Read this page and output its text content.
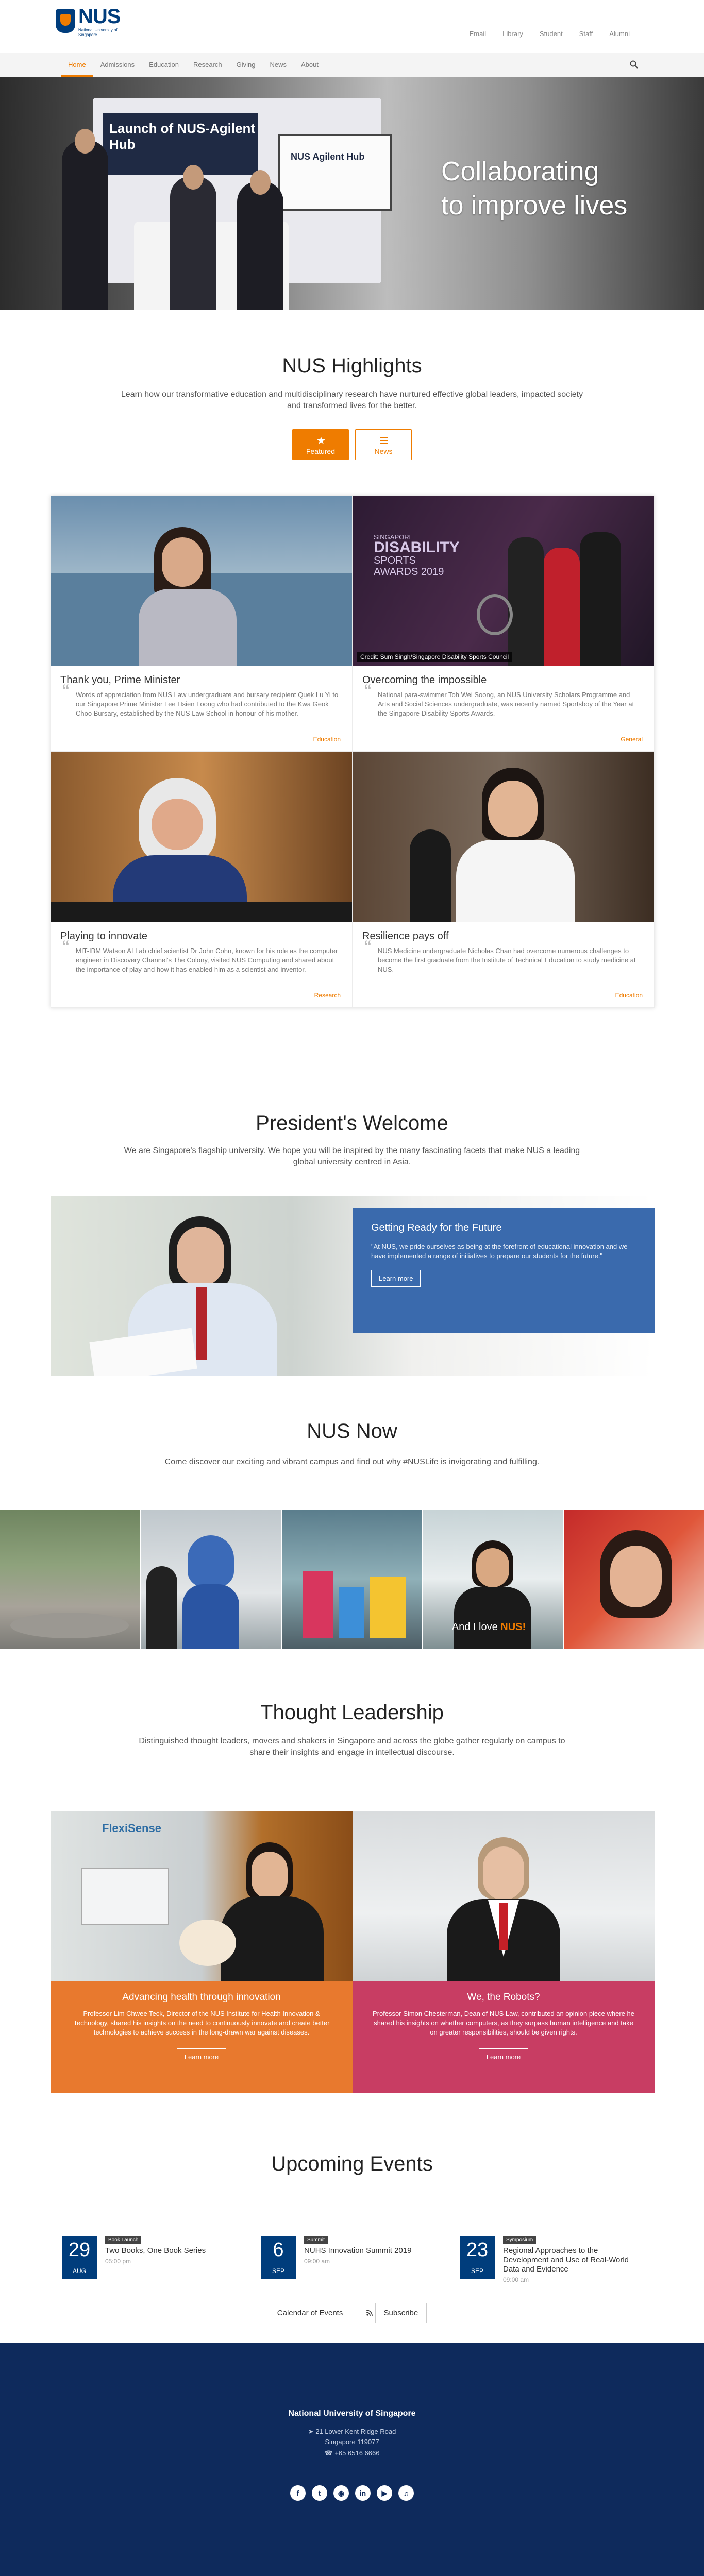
NUS
National University of Singapore	Email	Library	Student	Staff	Alumni
Home	Admissions	Education	Research	Giving	News	About
Launch of NUS-Agilent Hub
NUS Agilent Hub	Collaborating
to improve lives
NUS Highlights

Learn how our transformative education and multidisciplinary research have nurtured effective global leaders, impacted society and transformed lives for the better.

Featured	News
Thank you, Prime Minister

“ Words of appreciation from NUS Law undergraduate and bursary recipient Quek Lu Yi to our Singapore Prime Minister Lee Hsien Loong who had contributed to the Kwa Geok Choo Bursary, established by the NUS Law School in honour of his mother.

Education
SINGAPORE
DISABILITY
SPORTS
AWARDS 2019
Credit: Sum Singh/Singapore Disability Sports Council
Overcoming the impossible

“ National para-swimmer Toh Wei Soong, an NUS University Scholars Programme and Arts and Social Sciences undergraduate, was recently named Sportsboy of the Year at the Singapore Disability Sports Awards.

General
Playing to innovate

“ MIT-IBM Watson AI Lab chief scientist Dr John Cohn, known for his role as the computer engineer in Discovery Channel's The Colony, visited NUS Computing and shared about the importance of play and how it has enabled him as a scientist and inventor.

Research
Resilience pays off

“ NUS Medicine undergraduate Nicholas Chan had overcome numerous challenges to become the first graduate from the Institute of Technical Education to study medicine at NUS.

Education
President's Welcome

We are Singapore's flagship university. We hope you will be inspired by the many fascinating facets that make NUS a leading global university centred in Asia.

Getting Ready for the Future

"At NUS, we pride ourselves as being at the forefront of educational innovation and we have implemented a range of initiatives to prepare our students for the future."

Learn more
NUS Now

Come discover our exciting and vibrant campus and find out why #NUSLife is invigorating and fulfilling.

And I love NUS!
Thought Leadership

Distinguished thought leaders, movers and shakers in Singapore and across the globe gather regularly on campus to share their insights and engage in intellectual discourse.

FlexiSense
Advancing health through innovation

Professor Lim Chwee Teck, Director of the NUS Institute for Health Innovation & Technology, shared his insights on the need to continuously innovate and create better technologies to achieve success in the long-drawn war against diseases.

Learn more
We, the Robots?

Professor Simon Chesterman, Dean of NUS Law, contributed an opinion piece where he shared his insights on whether computers, as they surpass human intelligence and take on greater responsibilities, should be given rights.

Learn more
Upcoming Events
29
AUG
Book Launch
Two Books, One Book Series
05:00 pm
6
SEP
Summit
NUHS Innovation Summit 2019
09:00 am
23
SEP
Symposium
Regional Approaches to the Development and Use of Real-World Data and Evidence
09:00 am
Calendar of Events	Subscribe
National University of Singapore
➤ 21 Lower Kent Ridge Road
Singapore 119077
☎ +65 6516 6666
f	t	◉	in	▶	♫
